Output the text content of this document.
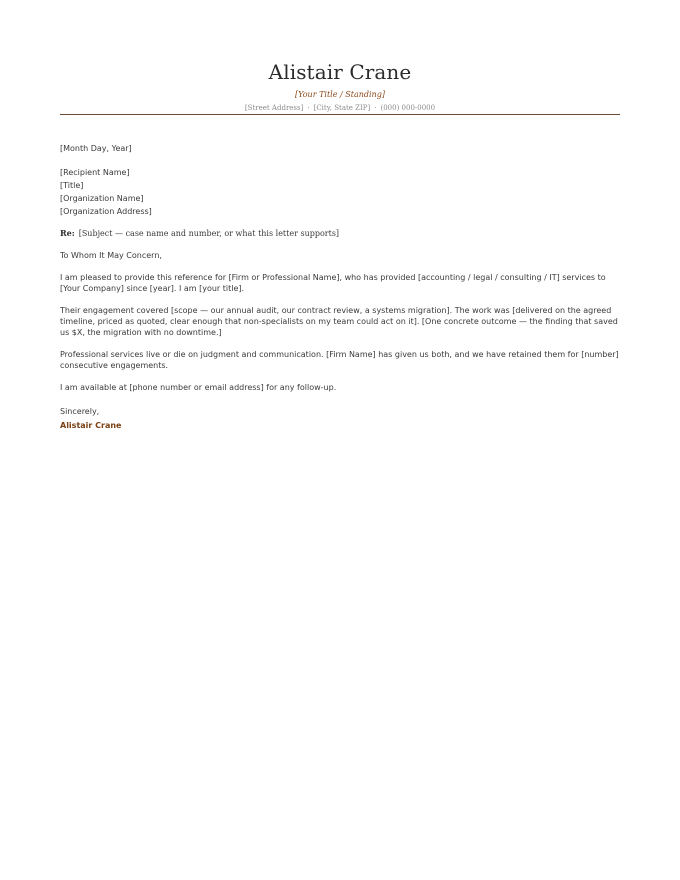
Alistair Crane
[Your Title / Standing]
[Street Address] · [City, State ZIP] · (000) 000-0000
[Month Day, Year]
[Recipient Name]
[Title]
[Organization Name]
[Organization Address]
Re: [Subject — case name and number, or what this letter supports]
To Whom It May Concern,
I am pleased to provide this reference for [Firm or Professional Name], who has provided [accounting / legal / consulting / IT] services to [Your Company] since [year]. I am [your title].
Their engagement covered [scope — our annual audit, our contract review, a systems migration]. The work was [delivered on the agreed timeline, priced as quoted, clear enough that non-specialists on my team could act on it]. [One concrete outcome — the finding that saved us $X, the migration with no downtime.]
Professional services live or die on judgment and communication. [Firm Name] has given us both, and we have retained them for [number] consecutive engagements.
I am available at [phone number or email address] for any follow-up.
Sincerely,
Alistair Crane
